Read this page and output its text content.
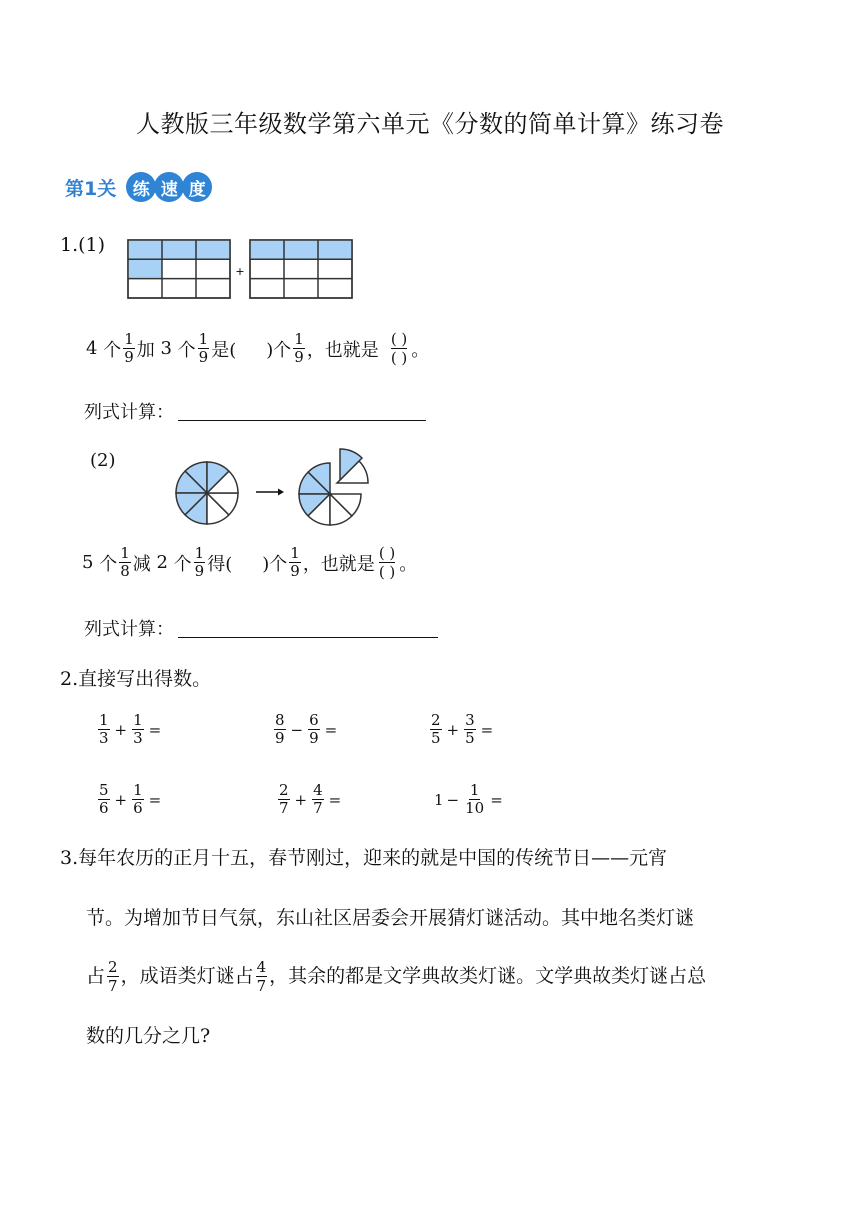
人教版三年级数学第六单元《分数的简单计算》练习卷
第1关 练 速 度
1.(1)
+
4
个 $\frac{1}{9}$ 加
3
个 $\frac{1}{9}$ 是( )个 $\frac{1}{9}$ ，也就是
( )
( ) 。
列式计算：
(2)
5
个 $\frac{1}{8}$ 减
2
个 $\frac{1}{9}$ 得( )个 $\frac{1}{9}$ ，也就是
( )
( ) 。
列式计算：
2.直接写出得数。
$\frac{1}{3} + \frac{1}{3}$ =	$\frac{8}{9} - \frac{6}{9}$ =	$\frac{2}{5} + \frac{3}{5}$ =
$\frac{5}{6} + \frac{1}{6}$ =	$\frac{2}{7} + \frac{4}{7}$ =	$1 - \frac{1}{10}$ =
3.每年农历的正月十五，春节刚过，迎来的就是中国的传统节日——元宵
节。为增加节日气氛，东山社区居委会开展猜灯谜活动。其中地名类灯谜
占 $\frac{2}{7}$ ，成语类灯谜占 $\frac{4}{7}$ ，其余的都是文学典故类灯谜。文学典故类灯谜占总
数的几分之几?
